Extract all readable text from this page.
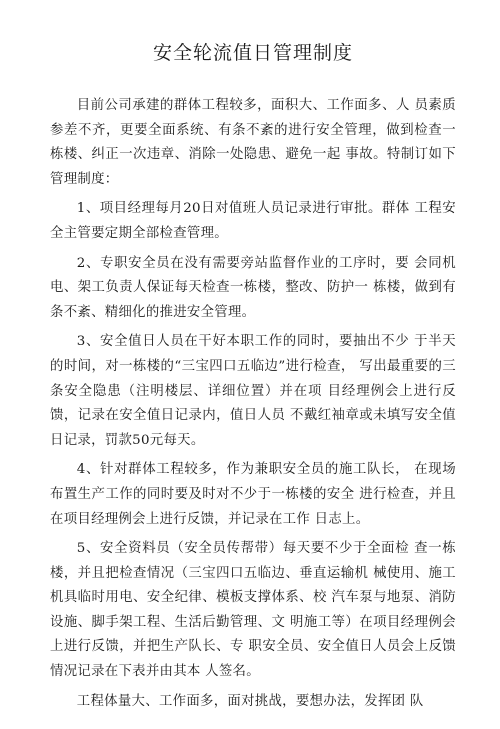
安全轮流值日管理制度

目前公司承建的群体工程较多，面积大、工作面多、人 员素质参差不齐，更要全面系统、有条不紊的进行安全管理，做到检查一栋楼、纠正一次违章、消除一处隐患、避免一起 事故。特制订如下管理制度：

1、项目经理每月20日对值班人员记录进行审批。群体 工程安全主管要定期全部检查管理。

2、专职安全员在没有需要旁站监督作业的工序时，要 会同机电、架工负责人保证每天检查一栋楼，整改、防护一 栋楼，做到有条不紊、精细化的推进安全管理。

3、安全值日人员在干好本职工作的同时，要抽出不少 于半天的时间，对一栋楼的“三宝四口五临边”进行检查， 写出最重要的三条安全隐患（注明楼层、详细位置）并在项 目经理例会上进行反馈，记录在安全值日记录内，值日人员 不戴红袖章或未填写安全值日记录，罚款50元每天。

4、针对群体工程较多，作为兼职安全员的施工队长， 在现场布置生产工作的同时要及时对不少于一栋楼的安全 进行检查，并且在项目经理例会上进行反馈，并记录在工作 日志上。

5、安全资料员（安全员传帮带）每天要不少于全面检 查一栋楼，并且把检查情况（三宝四口五临边、垂直运输机 械使用、施工机具临时用电、安全纪律、模板支撑体系、校 汽车泵与地泵、消防设施、脚手架工程、生活后勤管理、文 明施工等）在项目经理例会上进行反馈，并把生产队长、专 职安全员、安全值日人员会上反馈情况记录在下表并由其本 人签名。

工程体量大、工作面多，面对挑战，要想办法，发挥团 队
